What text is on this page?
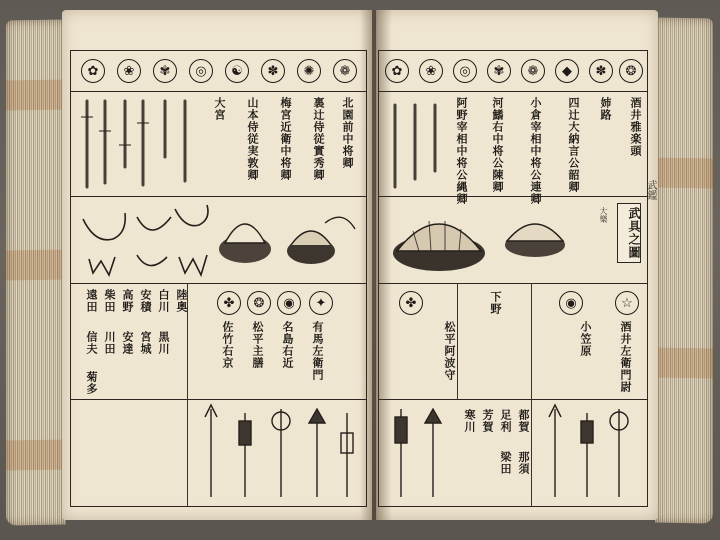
✿	❀	✾	◎	☯	✽	✺	❁
大宮 山本侍従実敦卿 梅宮近衛中将卿 裏辻侍従實秀卿 北園前中将卿
✦
◉
❂
✤
有馬左衛門
名島右近
松平主膳
佐竹右京
陸奥
白川
黒川
安積
宮城
高野
安達
柴田
川田
遠田
信夫
菊多
✿	❀	◎	✾	❁	◆	✽	❂
酒井雅楽頭
姉路
四辻大納言公韶卿
小倉宰相中将公連卿
河鰭右中将公陳卿
阿野宰相中将公縄卿
武具之圖
大樂
☆
◉
✤
酒井左衛門尉
下野
小笠原
松平阿波守
都賀
足利
芳賀
寒川
那須
梁田
武鑑
